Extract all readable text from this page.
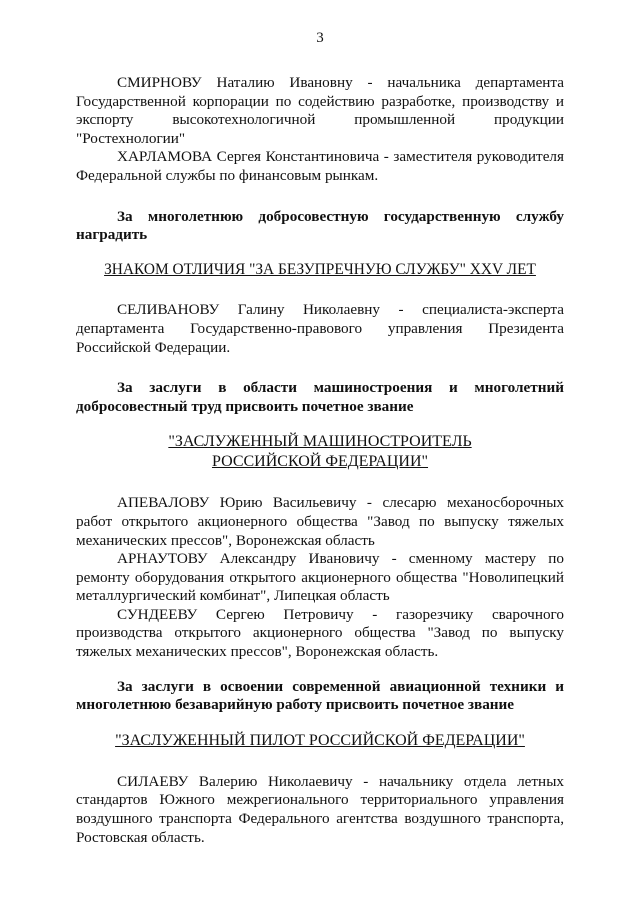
3

СМИРНОВУ Наталию Ивановну - начальника департамента Государственной корпорации по содействию разработке, производству и экспорту высокотехнологичной промышленной продукции "Ростехнологии"

ХАРЛАМОВА Сергея Константиновича - заместителя руководителя Федеральной службы по финансовым рынкам.

За многолетнюю добросовестную государственную службу наградить

ЗНАКОМ ОТЛИЧИЯ "ЗА БЕЗУПРЕЧНУЮ СЛУЖБУ" XXV ЛЕТ

СЕЛИВАНОВУ Галину Николаевну - специалиста-эксперта департамента Государственно-правового управления Президента Российской Федерации.

За заслуги в области машиностроения и многолетний добросовестный труд присвоить почетное звание

"ЗАСЛУЖЕННЫЙ МАШИНОСТРОИТЕЛЬ

РОССИЙСКОЙ ФЕДЕРАЦИИ"

АПЕВАЛОВУ Юрию Васильевичу - слесарю механосборочных работ открытого акционерного общества "Завод по выпуску тяжелых механических прессов", Воронежская область

АРНАУТОВУ Александру Ивановичу - сменному мастеру по ремонту оборудования открытого акционерного общества "Новолипецкий металлургический комбинат", Липецкая область

СУНДЕЕВУ Сергею Петровичу - газорезчику сварочного производства открытого акционерного общества "Завод по выпуску тяжелых механических прессов", Воронежская область.

За заслуги в освоении современной авиационной техники и многолетнюю безаварийную работу присвоить почетное звание

"ЗАСЛУЖЕННЫЙ ПИЛОТ РОССИЙСКОЙ ФЕДЕРАЦИИ"

СИЛАЕВУ Валерию Николаевичу - начальнику отдела летных стандартов Южного межрегионального территориального управления воздушного транспорта Федерального агентства воздушного транспорта, Ростовская область.
